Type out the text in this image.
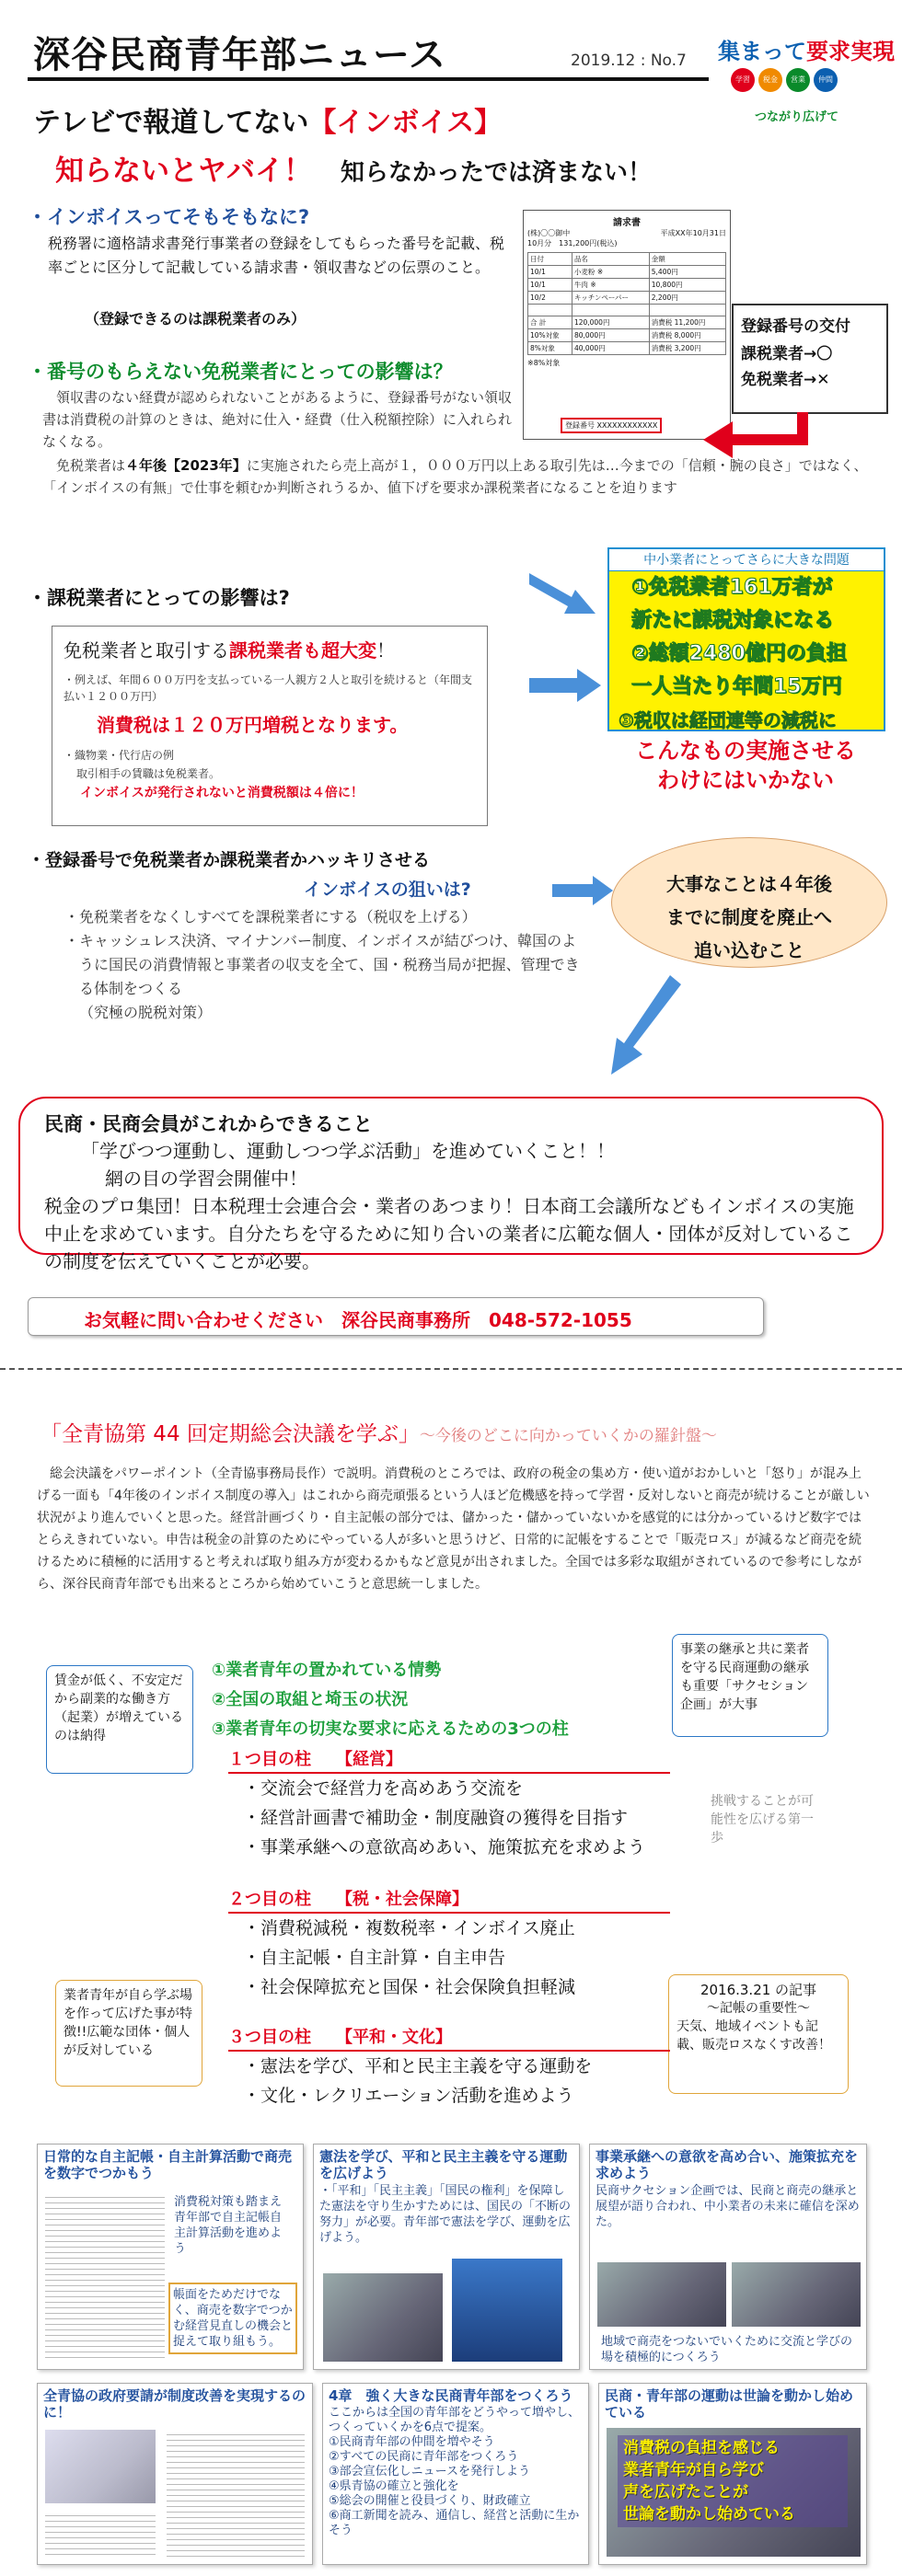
深谷民商青年部ニュース	2019.12 : No.7 集まって要求実現
学習	税金	営業	仲間
つながり広げて
テレビで報道してない【インボイス】
知らないとヤバイ！　 知らなかったでは済まない！
・インボイスってそもそもなに?
税務署に適格請求書発行事業者の登録をしてもらった番号を記載、税率ごとに区分して記載している請求書・領収書などの伝票のこと。
（登録できるのは課税業者のみ）
請求書
(株)〇〇御中	平成XX年10月31日
10月分　131,200円(税込)
日付	品名	金額
10/1	小麦粉 ※	5,400円
10/1	牛肉 ※	10,800円
10/2	キッチンペーパー	2,200円

合 計	120,000円	消費税 11,200円
10%対象	80,000円	消費税 8,000円
8%対象	40,000円	消費税 3,200円
※8%対象
登録番号 XXXXXXXXXXXX
登録番号の交付
課税業者→〇
免税業者→✕
・番号のもらえない免税業者にとっての影響は？
領収書のない経費が認められないことがあるように、登録番号がない領収書は消費税の計算のときは、絶対に仕入・経費（仕入税額控除）に入れられなくなる。
免税業者は４年後【2023年】に実施されたら売上高が１，０００万円以上ある取引先は…今までの「信頼・腕の良さ」ではなく、「インボイスの有無」で仕事を頼むか判断されうるか、値下げを要求か課税業者になることを迫ります
・課税業者にとっての影響は?
免税業者と取引する課税業者も超大変！
・例えば、年間６００万円を支払っている一人親方２人と取引を続けると（年間支払い１２００万円）
消費税は１２０万円増税となります。
・織物業・代行店の例
取引相手の賃職は免税業者。
インボイスが発行されないと消費税額は４倍に！
中小業者にとってさらに大きな問題
①免税業者161万者が
新たに課税対象になる
②総額2480億円の負担
一人当たり年間15万円
③税収は経団連等の減税に
こんなもの実施させる
わけにはいかない
・登録番号で免税業者か課税業者かハッキリさせる
インボイスの狙いは?
・免税業者をなくしすべてを課税業者にする（税収を上げる）
・キャッシュレス決済、マイナンバー制度、インボイスが結びつけ、韓国のように国民の消費情報と事業者の収支を全て、国・税務当局が把握、管理できる体制をつくる
（究極の脱税対策）
大事なことは４年後
までに制度を廃止へ
追い込むこと
民商・民商会員がこれからできること
「学びつつ運動し、運動しつつ学ぶ活動」を進めていくこと！！
網の目の学習会開催中！
税金のプロ集団！日本税理士会連合会・業者のあつまり！日本商工会議所などもインボイスの実施中止を求めています。自分たちを守るために知り合いの業者に広範な個人・団体が反対しているこの制度を伝えていくことが必要。
お気軽に問い合わせください　深谷民商事務所　048-572-1055
「全青協第 44 回定期総会決議を学ぶ」～今後のどこに向かっていくかの羅針盤～
総会決議をパワーポイント（全青協事務局長作）で説明。消費税のところでは、政府の税金の集め方・使い道がおかしいと「怒り」が混み上げる一面も「4年後のインボイス制度の導入」はこれから商売頑張るという人ほど危機感を持って学習・反対しないと商売が続けることが厳しい状況がより進んでいくと思った。経営計画づくり・自主記帳の部分では、儲かった・儲かっていないかを感覚的には分かっているけど数字ではとらえきれていない。申告は税金の計算のためにやっている人が多いと思うけど、日常的に記帳をすることで「販売ロス」が減るなど商売を続けるために積極的に活用すると考えれば取り組み方が変わるかもなど意見が出されました。全国では多彩な取組がされているので参考にしながら、深谷民商青年部でも出来るところから始めていこうと意思統一しました。
賃金が低く、不安定だから副業的な働き方（起業）が増えているのは納得
事業の継承と共に業者を守る民商運動の継承も重要「サクセション企画」が大事
挑戦することが可能性を広げる第一歩
業者青年が自ら学ぶ場を作って広げた事が特徴!!広範な団体・個人が反対している
2016.3.21 の記事
～記帳の重要性～
天気、地域イベントも記載、販売ロスなくす改善！
①業者青年の置かれている情勢
②全国の取組と埼玉の状況
③業者青年の切実な要求に応えるための3つの柱
１つ目の柱　　【経営】
・交流会で経営力を高めあう交流を
・経営計画書で補助金・制度融資の獲得を目指す
・事業承継への意欲高めあい、施策拡充を求めよう
２つ目の柱　　【税・社会保障】
・消費税減税・複数税率・インボイス廃止
・自主記帳・自主計算・自主申告
・社会保障拡充と国保・社会保険負担軽減
３つ目の柱　　【平和・文化】
・憲法を学び、平和と民主主義を守る運動を
・文化・レクリエーション活動を進めよう
日常的な自主記帳・自主計算活動で商売を数字でつかもう
消費税対策も踏まえ青年部で自主記帳自主計算活動を進めよう
帳面をためだけでなく、商売を数字でつかむ経営見直しの機会と捉えて取り組もう。
憲法を学び、平和と民主主義を守る運動を広げよう
・「平和」「民主主義」「国民の権利」を保障した憲法を守り生かすためには、国民の「不断の努力」が必要。青年部で憲法を学び、運動を広げよう。
事業承継への意欲を高め合い、施策拡充を求めよう
民商サクセション企画では、民商と商売の継承と展望が語り合われ、中小業者の未来に確信を深めた。
地域で商売をつないでいくために交流と学びの場を積極的につくろう
全青協の政府要請が制度改善を実現するのに！
4章　強く大きな民商青年部をつくろう
ここからは全国の青年部をどうやって増やし、つくっていくかを6点で提案。
①民商青年部の仲間を増やそう
②すべての民商に青年部をつくろう
③部会宣伝化しニュースを発行しよう
④県青協の確立と強化を
⑤総会の開催と役員づくり、財政確立
⑥商工新聞を読み、通信し、経営と活動に生かそう
民商・青年部の運動は世論を動かし始めている
消費税の負担を感じる
業者青年が自ら学び
声を広げたことが
世論を動かし始めている
